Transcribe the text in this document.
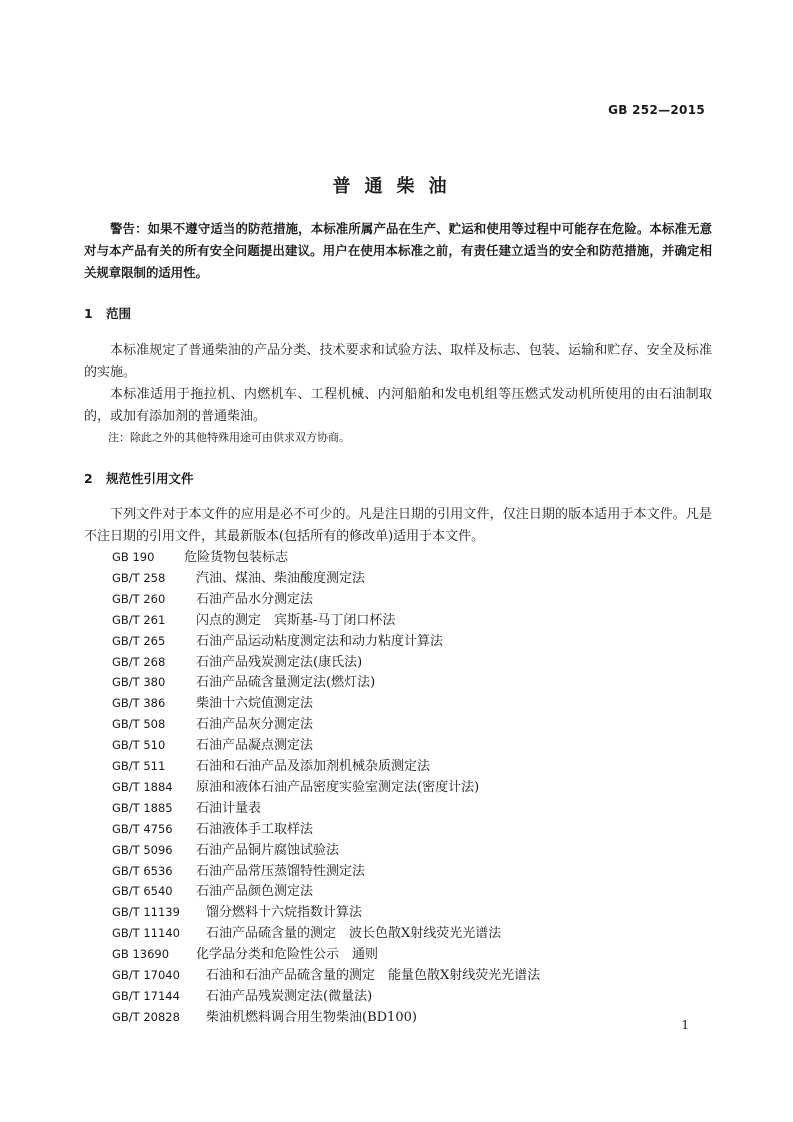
GB 252—2015
普通柴油
警告：如果不遵守适当的防范措施，本标准所属产品在生产、贮运和使用等过程中可能存在危险。本标准无意对与本产品有关的所有安全问题提出建议。用户在使用本标准之前，有责任建立适当的安全和防范措施，并确定相关规章限制的适用性。
1 范围
本标准规定了普通柴油的产品分类、技术要求和试验方法、取样及标志、包装、运输和贮存、安全及标准的实施。
本标准适用于拖拉机、内燃机车、工程机械、内河船舶和发电机组等压燃式发动机所使用的由石油制取的，或加有添加剂的普通柴油。
注：除此之外的其他特殊用途可由供求双方协商。
2 规范性引用文件
下列文件对于本文件的应用是必不可少的。凡是注日期的引用文件，仅注日期的版本适用于本文件。凡是不注日期的引用文件，其最新版本(包括所有的修改单)适用于本文件。
GB 190 危险货物包装标志
GB/T 258 汽油、煤油、柴油酸度测定法
GB/T 260 石油产品水分测定法
GB/T 261 闪点的测定　宾斯基-马丁闭口杯法
GB/T 265 石油产品运动粘度测定法和动力粘度计算法
GB/T 268 石油产品残炭测定法(康氏法)
GB/T 380 石油产品硫含量测定法(燃灯法)
GB/T 386 柴油十六烷值测定法
GB/T 508 石油产品灰分测定法
GB/T 510 石油产品凝点测定法
GB/T 511 石油和石油产品及添加剂机械杂质测定法
GB/T 1884 原油和液体石油产品密度实验室测定法(密度计法)
GB/T 1885 石油计量表
GB/T 4756 石油液体手工取样法
GB/T 5096 石油产品铜片腐蚀试验法
GB/T 6536 石油产品常压蒸馏特性测定法
GB/T 6540 石油产品颜色测定法
GB/T 11139 馏分燃料十六烷指数计算法
GB/T 11140 石油产品硫含量的测定　波长色散X射线荧光光谱法
GB 13690 化学品分类和危险性公示　通则
GB/T 17040 石油和石油产品硫含量的测定　能量色散X射线荧光光谱法
GB/T 17144 石油产品残炭测定法(微量法)
GB/T 20828 柴油机燃料调合用生物柴油(BD100)
1
